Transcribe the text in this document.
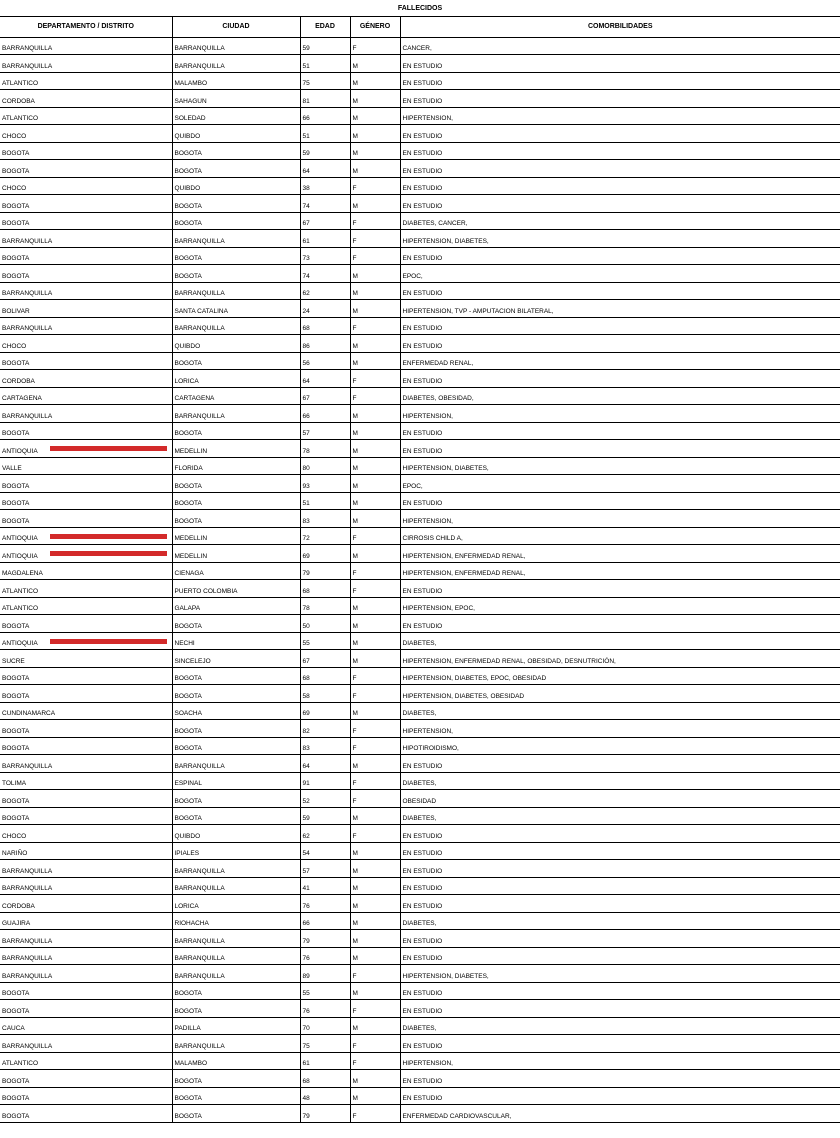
FALLECIDOS
DEPARTAMENTO / DISTRITO	CIUDAD	EDAD	GÉNERO	COMORBILIDADES
BARRANQUILLA	BARRANQUILLA	59	F	CANCER,
BARRANQUILLA	BARRANQUILLA	51	M	EN ESTUDIO
ATLANTICO	MALAMBO	75	M	EN ESTUDIO
CORDOBA	SAHAGUN	81	M	EN ESTUDIO
ATLANTICO	SOLEDAD	66	M	HIPERTENSION,
CHOCO	QUIBDO	51	M	EN ESTUDIO
BOGOTA	BOGOTA	59	M	EN ESTUDIO
BOGOTA	BOGOTA	64	M	EN ESTUDIO
CHOCO	QUIBDO	38	F	EN ESTUDIO
BOGOTA	BOGOTA	74	M	EN ESTUDIO
BOGOTA	BOGOTA	67	F	DIABETES, CANCER,
BARRANQUILLA	BARRANQUILLA	61	F	HIPERTENSION, DIABETES,
BOGOTA	BOGOTA	73	F	EN ESTUDIO
BOGOTA	BOGOTA	74	M	EPOC,
BARRANQUILLA	BARRANQUILLA	62	M	EN ESTUDIO
BOLIVAR	SANTA CATALINA	24	M	HIPERTENSION, TVP - AMPUTACION BILATERAL,
BARRANQUILLA	BARRANQUILLA	68	F	EN ESTUDIO
CHOCO	QUIBDO	86	M	EN ESTUDIO
BOGOTA	BOGOTA	56	M	ENFERMEDAD RENAL,
CORDOBA	LORICA	64	F	EN ESTUDIO
CARTAGENA	CARTAGENA	67	F	DIABETES, OBESIDAD,
BARRANQUILLA	BARRANQUILLA	66	M	HIPERTENSION,
BOGOTA	BOGOTA	57	M	EN ESTUDIO
ANTIOQUIA	MEDELLIN	78	M	EN ESTUDIO
VALLE	FLORIDA	80	M	HIPERTENSION, DIABETES,
BOGOTA	BOGOTA	93	M	EPOC,
BOGOTA	BOGOTA	51	M	EN ESTUDIO
BOGOTA	BOGOTA	83	M	HIPERTENSION,
ANTIOQUIA	MEDELLIN	72	F	CIRROSIS CHILD A,
ANTIOQUIA	MEDELLIN	69	M	HIPERTENSION, ENFERMEDAD RENAL,
MAGDALENA	CIENAGA	79	F	HIPERTENSION, ENFERMEDAD RENAL,
ATLANTICO	PUERTO COLOMBIA	68	F	EN ESTUDIO
ATLANTICO	GALAPA	78	M	HIPERTENSION, EPOC,
BOGOTA	BOGOTA	50	M	EN ESTUDIO
ANTIOQUIA	NECHI	55	M	DIABETES,
SUCRE	SINCELEJO	67	M	HIPERTENSION, ENFERMEDAD RENAL, OBESIDAD, DESNUTRICIÓN,
BOGOTA	BOGOTA	68	F	HIPERTENSION, DIABETES, EPOC, OBESIDAD
BOGOTA	BOGOTA	58	F	HIPERTENSION, DIABETES, OBESIDAD
CUNDINAMARCA	SOACHA	69	M	DIABETES,
BOGOTA	BOGOTA	82	F	HIPERTENSION,
BOGOTA	BOGOTA	83	F	HIPOTIROIDISMO,
BARRANQUILLA	BARRANQUILLA	64	M	EN ESTUDIO
TOLIMA	ESPINAL	91	F	DIABETES,
BOGOTA	BOGOTA	52	F	OBESIDAD
BOGOTA	BOGOTA	59	M	DIABETES,
CHOCO	QUIBDO	62	F	EN ESTUDIO
NARIÑO	IPIALES	54	M	EN ESTUDIO
BARRANQUILLA	BARRANQUILLA	57	M	EN ESTUDIO
BARRANQUILLA	BARRANQUILLA	41	M	EN ESTUDIO
CORDOBA	LORICA	76	M	EN ESTUDIO
GUAJIRA	RIOHACHA	66	M	DIABETES,
BARRANQUILLA	BARRANQUILLA	79	M	EN ESTUDIO
BARRANQUILLA	BARRANQUILLA	76	M	EN ESTUDIO
BARRANQUILLA	BARRANQUILLA	89	F	HIPERTENSION, DIABETES,
BOGOTA	BOGOTA	55	M	EN ESTUDIO
BOGOTA	BOGOTA	76	F	EN ESTUDIO
CAUCA	PADILLA	70	M	DIABETES,
BARRANQUILLA	BARRANQUILLA	75	F	EN ESTUDIO
ATLANTICO	MALAMBO	61	F	HIPERTENSION,
BOGOTA	BOGOTA	68	M	EN ESTUDIO
BOGOTA	BOGOTA	48	M	EN ESTUDIO
BOGOTA	BOGOTA	79	F	ENFERMEDAD CARDIOVASCULAR,
